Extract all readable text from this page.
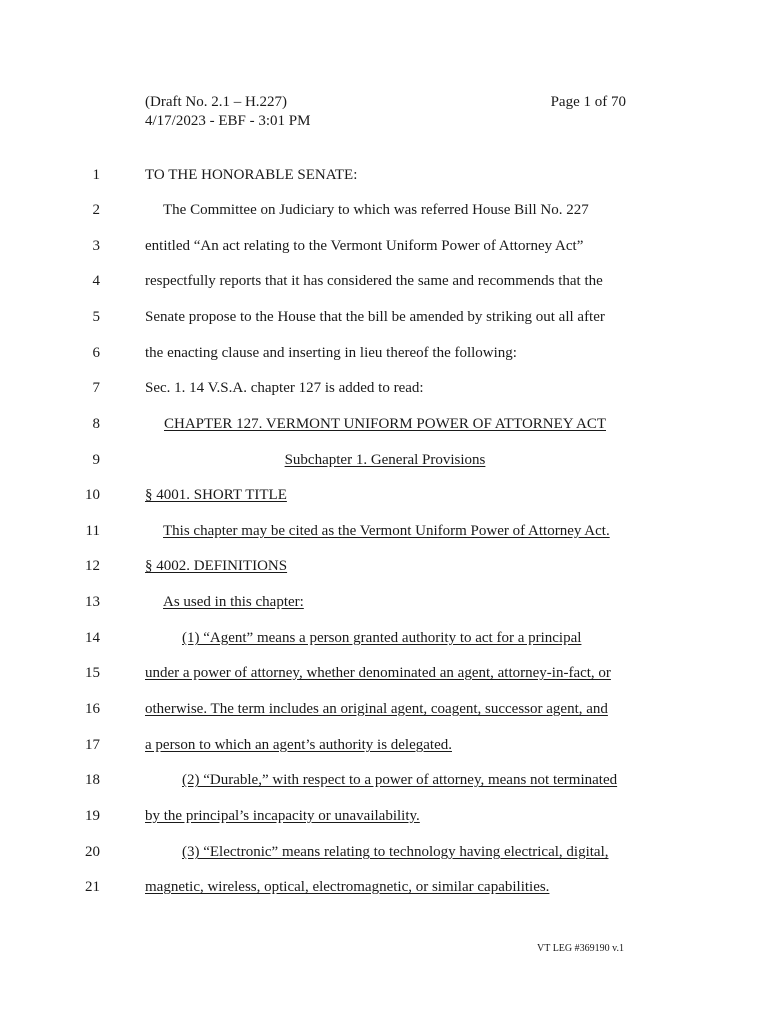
(Draft No. 2.1 – H.227)
4/17/2023 - EBF - 3:01 PM
Page 1 of 70
1	TO THE HONORABLE SENATE:
2	The Committee on Judiciary to which was referred House Bill No. 227
3	entitled “An act relating to the Vermont Uniform Power of Attorney Act”
4	respectfully reports that it has considered the same and recommends that the
5	Senate propose to the House that the bill be amended by striking out all after
6	the enacting clause and inserting in lieu thereof the following:
7	Sec. 1. 14 V.S.A. chapter 127 is added to read:
8	CHAPTER 127. VERMONT UNIFORM POWER OF ATTORNEY ACT
9	Subchapter 1. General Provisions
10	§ 4001. SHORT TITLE
11	This chapter may be cited as the Vermont Uniform Power of Attorney Act.
12	§ 4002. DEFINITIONS
13	As used in this chapter:
14	(1) “Agent” means a person granted authority to act for a principal
15	under a power of attorney, whether denominated an agent, attorney-in-fact, or
16	otherwise. The term includes an original agent, coagent, successor agent, and
17	a person to which an agent’s authority is delegated.
18	(2) “Durable,” with respect to a power of attorney, means not terminated
19	by the principal’s incapacity or unavailability.
20	(3) “Electronic” means relating to technology having electrical, digital,
21	magnetic, wireless, optical, electromagnetic, or similar capabilities.
VT LEG #369190 v.1
